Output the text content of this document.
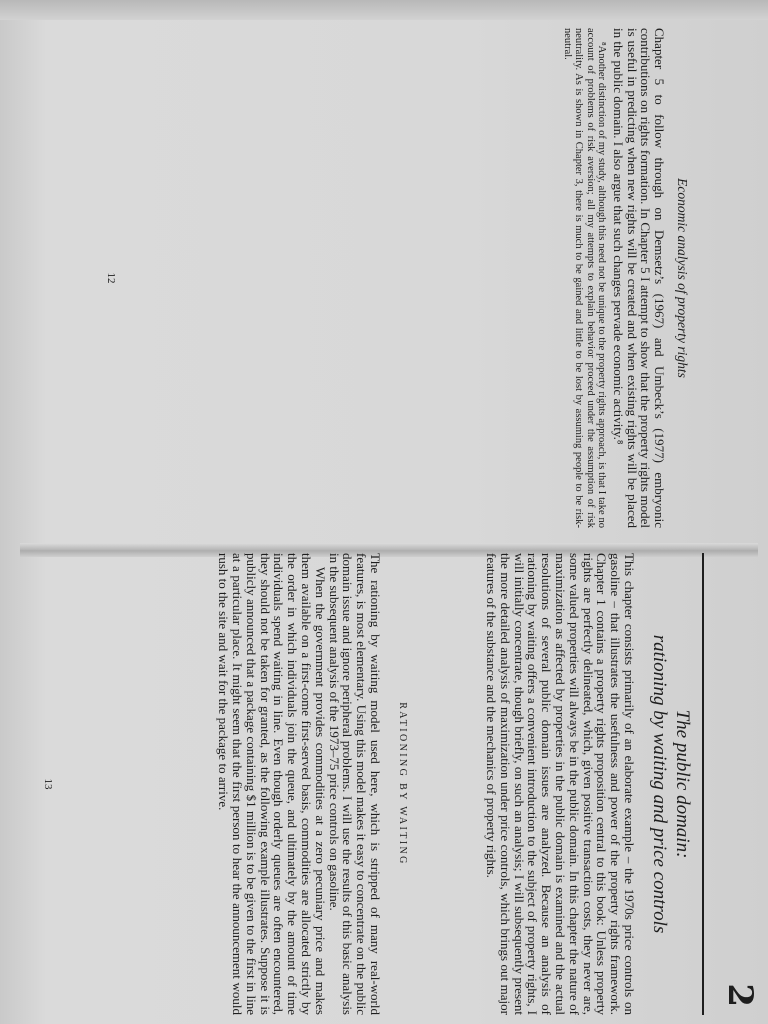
Economic analysis of property rights

Chapter 5 to follow through on Demsetz’s (1967) and Umbeck’s (1977) embryonic contributions on rights formation. In Chapter 5 I attempt to show that the property rights model is useful in predicting when new rights will be created and when existing rights will be placed in the public domain. I also argue that such changes pervade economic activity.⁸

⁸Another distinction of my study, although this need not be unique to the property rights approach, is that I take no account of problems of risk aversion; all my attempts to explain behavior proceed under the assumption of risk neutrality. As is shown in Chapter 3, there is much to be gained and little to be lost by assuming people to be risk-neutral.

12
2
The public domain:
rationing by waiting and price controls

This chapter consists primarily of an elaborate example – the 1970s price controls on gasoline – that illustrates the usefulness and power of the property rights framework. Chapter 1 contains a property rights proposition central to this book: Unless property rights are perfectly delineated, which, given positive transaction costs, they never are, some valued properties will always be in the public domain. In this chapter the nature of maximization as affected by properties in the public domain is examined and the actual resolutions of several public domain issues are analyzed. Because an analysis of rationing by waiting offers a convenient introduction to the subject of property rights, I will initially concentrate, though briefly, on such an analysis; I will subsequently present the more detailed analysis of maximization under price controls, which brings out major features of the substance and the mechanics of property rights.

RATIONING BY WAITING

The rationing by waiting model used here, which is stripped of many real-world features, is most elementary. Using this model makes it easy to concentrate on the public domain issue and ignore peripheral problems. I will use the results of this basic analysis in the subsequent analysis of the 1973–75 price controls on gasoline.

When the government provides commodities at a zero pecuniary price and makes them available on a first-come first-served basis, commodities are allocated strictly by the order in which individuals join the queue, and ultimately by the amount of time individuals spend waiting in line. Even though orderly queues are often encountered, they should not be taken for granted, as the following example illustrates. Suppose it is publicly announced that a package containing $1 million is to be given to the first in line at a particular place. It might seem that the first person to hear the announcement would rush to the site and wait for the package to arrive.

13
